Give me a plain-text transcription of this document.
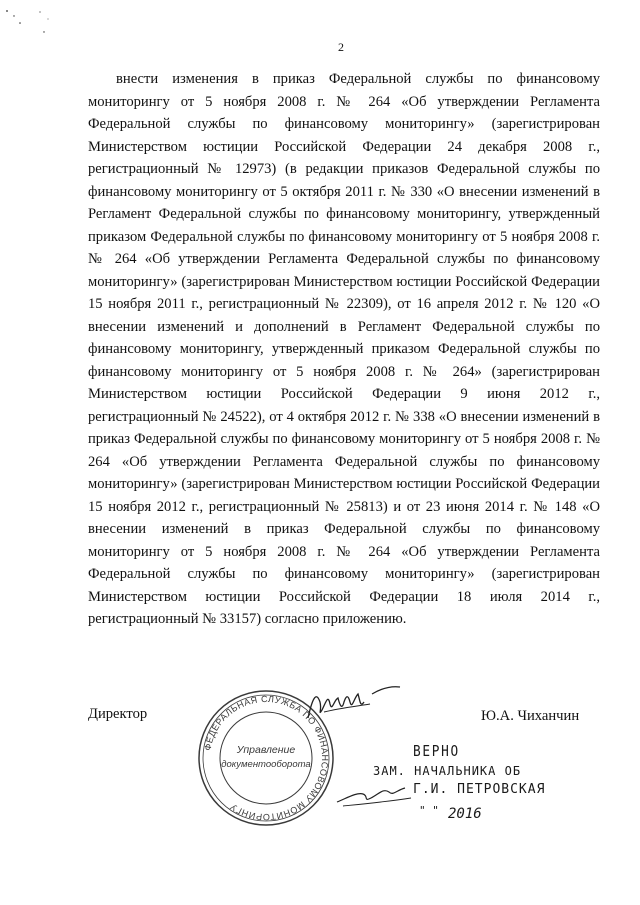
2

внести изменения в приказ Федеральной службы по финансовому мониторингу от 5 ноября 2008 г. № 264 «Об утверждении Регламента Федеральной службы по финансовому мониторингу» (зарегистрирован Министерством юстиции Российской Федерации 24 декабря 2008 г., регистрационный № 12973) (в редакции приказов Федеральной службы по финансовому мониторингу от 5 октября 2011 г. № 330 «О внесении изменений в Регламент Федеральной службы по финансовому мониторингу, утвержденный приказом Федеральной службы по финансовому мониторингу от 5 ноября 2008 г. № 264 «Об утверждении Регламента Федеральной службы по финансовому мониторингу» (зарегистрирован Министерством юстиции Российской Федерации 15 ноября 2011 г., регистрационный № 22309), от 16 апреля 2012 г. № 120 «О внесении изменений и дополнений в Регламент Федеральной службы по финансовому мониторингу, утвержденный приказом Федеральной службы по финансовому мониторингу от 5 ноября 2008 г. № 264» (зарегистрирован Министерством юстиции Российской Федерации 9 июня 2012 г., регистрационный № 24522), от 4 октября 2012 г. № 338 «О внесении изменений в приказ Федеральной службы по финансовому мониторингу от 5 ноября 2008 г. № 264 «Об утверждении Регламента Федеральной службы по финансовому мониторингу» (зарегистрирован Министерством юстиции Российской Федерации 15 ноября 2012 г., регистрационный № 25813) и от 23 июня 2014 г. № 148 «О внесении изменений в приказ Федеральной службы по финансовому мониторингу от 5 ноября 2008 г. № 264 «Об утверждении Регламента Федеральной службы по финансовому мониторингу» (зарегистрирован Министерством юстиции Российской Федерации 18 июля 2014 г., регистрационный № 33157) согласно приложению.

Директор	Ю.А. Чиханчин
ФЕДЕРАЛЬНАЯ СЛУЖБА ПО ФИНАНСОВОМУ МОНИТОРИНГУ
Управление
документооборота
ВЕРНО
ЗАМ. НАЧАЛЬНИКА ОБ
Г.И. ПЕТРОВСКАЯ
" " 2016
